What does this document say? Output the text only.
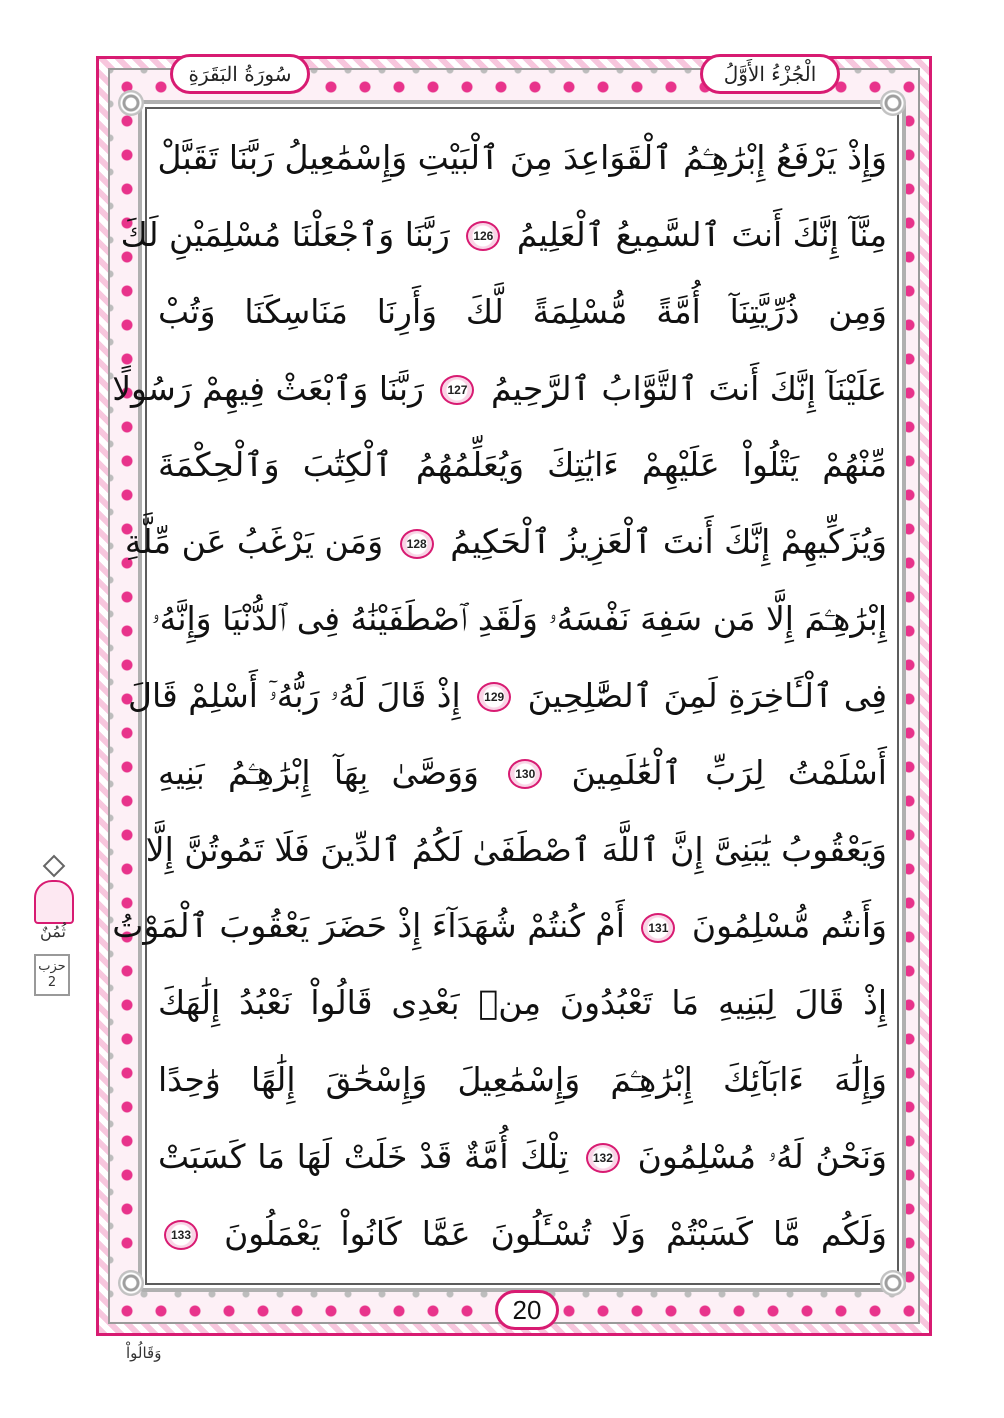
الْجُزْءُ الأَوَّلُ
سُورَةُ البَقَرَةِ
وَإِذْ يَرْفَعُ إِبْرَٰهِـۧمُ ٱلْقَوَاعِدَ مِنَ ٱلْبَيْتِ وَإِسْمَٰعِيلُ رَبَّنَا تَقَبَّلْ
مِنَّآ إِنَّكَ أَنتَ ٱلسَّمِيعُ ٱلْعَلِيمُ 126 رَبَّنَا وَٱجْعَلْنَا مُسْلِمَيْنِ لَكَ
وَمِن ذُرِّيَّتِنَآ أُمَّةً مُّسْلِمَةً لَّكَ وَأَرِنَا مَنَاسِكَنَا وَتُبْ
عَلَيْنَآ إِنَّكَ أَنتَ ٱلتَّوَّابُ ٱلرَّحِيمُ 127 رَبَّنَا وَٱبْعَثْ فِيهِمْ رَسُولًا
مِّنْهُمْ يَتْلُواْ عَلَيْهِمْ ءَايَٰتِكَ وَيُعَلِّمُهُمُ ٱلْكِتَٰبَ وَٱلْحِكْمَةَ
وَيُزَكِّيهِمْ إِنَّكَ أَنتَ ٱلْعَزِيزُ ٱلْحَكِيمُ 128 وَمَن يَرْغَبُ عَن مِّلَّةِ
إِبْرَٰهِـۧمَ إِلَّا مَن سَفِهَ نَفْسَهُۥ وَلَقَدِ ٱصْطَفَيْنَٰهُ فِى ٱلدُّنْيَا وَإِنَّهُۥ
فِى ٱلْـَٔاخِرَةِ لَمِنَ ٱلصَّٰلِحِينَ 129 إِذْ قَالَ لَهُۥ رَبُّهُۥٓ أَسْلِمْ قَالَ
أَسْلَمْتُ لِرَبِّ ٱلْعَٰلَمِينَ 130 وَوَصَّىٰ بِهَآ إِبْرَٰهِـۧمُ بَنِيهِ
وَيَعْقُوبُ يَٰبَنِىَّ إِنَّ ٱللَّهَ ٱصْطَفَىٰ لَكُمُ ٱلدِّينَ فَلَا تَمُوتُنَّ إِلَّا
وَأَنتُم مُّسْلِمُونَ 131 أَمْ كُنتُمْ شُهَدَآءَ إِذْ حَضَرَ يَعْقُوبَ ٱلْمَوْتُ
إِذْ قَالَ لِبَنِيهِ مَا تَعْبُدُونَ مِنۢ بَعْدِى قَالُواْ نَعْبُدُ إِلَٰهَكَ
وَإِلَٰهَ ءَابَآئِكَ إِبْرَٰهِـۧمَ وَإِسْمَٰعِيلَ وَإِسْحَٰقَ إِلَٰهًا وَٰحِدًا
وَنَحْنُ لَهُۥ مُسْلِمُونَ 132 تِلْكَ أُمَّةٌ قَدْ خَلَتْ لَهَا مَا كَسَبَتْ
وَلَكُم مَّا كَسَبْتُمْ وَلَا تُسْـَٔلُونَ عَمَّا كَانُواْ يَعْمَلُونَ 133
20
ثُمُنٌ
حزب
2
وَقَالُواْ
